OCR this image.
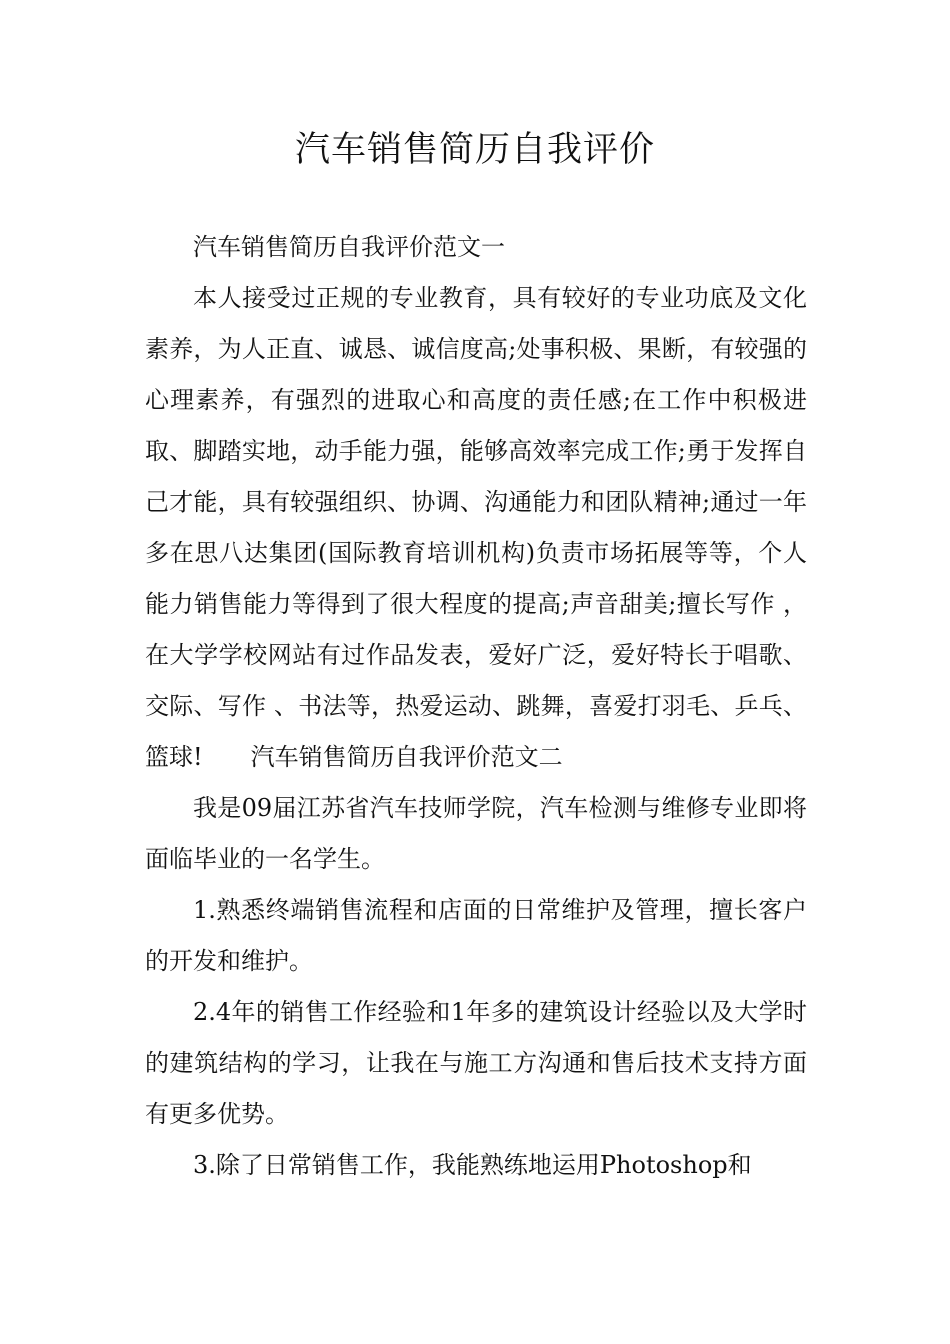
汽车销售简历自我评价

汽车销售简历自我评价范文一

本人接受过正规的专业教育，具有较好的专业功底及文化素养，为人正直、诚恳、诚信度高;处事积极、果断，有较强的心理素养，有强烈的进取心和高度的责任感;在工作中积极进取、脚踏实地，动手能力强，能够高效率完成工作;勇于发挥自己才能，具有较强组织、协调、沟通能力和团队精神;通过一年多在思八达集团(国际教育培训机构)负责市场拓展等等，个人能力销售能力等得到了很大程度的提高;声音甜美;擅长写作 ，在大学学校网站有过作品发表，爱好广泛，爱好特长于唱歌、交际、写作 、书法等，热爱运动、跳舞，喜爱打羽毛、乒乓、篮球!　　汽车销售简历自我评价范文二

我是09届江苏省汽车技师学院，汽车检测与维修专业即将面临毕业的一名学生。

1.熟悉终端销售流程和店面的日常维护及管理，擅长客户的开发和维护。

2.4年的销售工作经验和1年多的建筑设计经验以及大学时的建筑结构的学习，让我在与施工方沟通和售后技术支持方面有更多优势。

3.除了日常销售工作，我能熟练地运用Photoshop和
